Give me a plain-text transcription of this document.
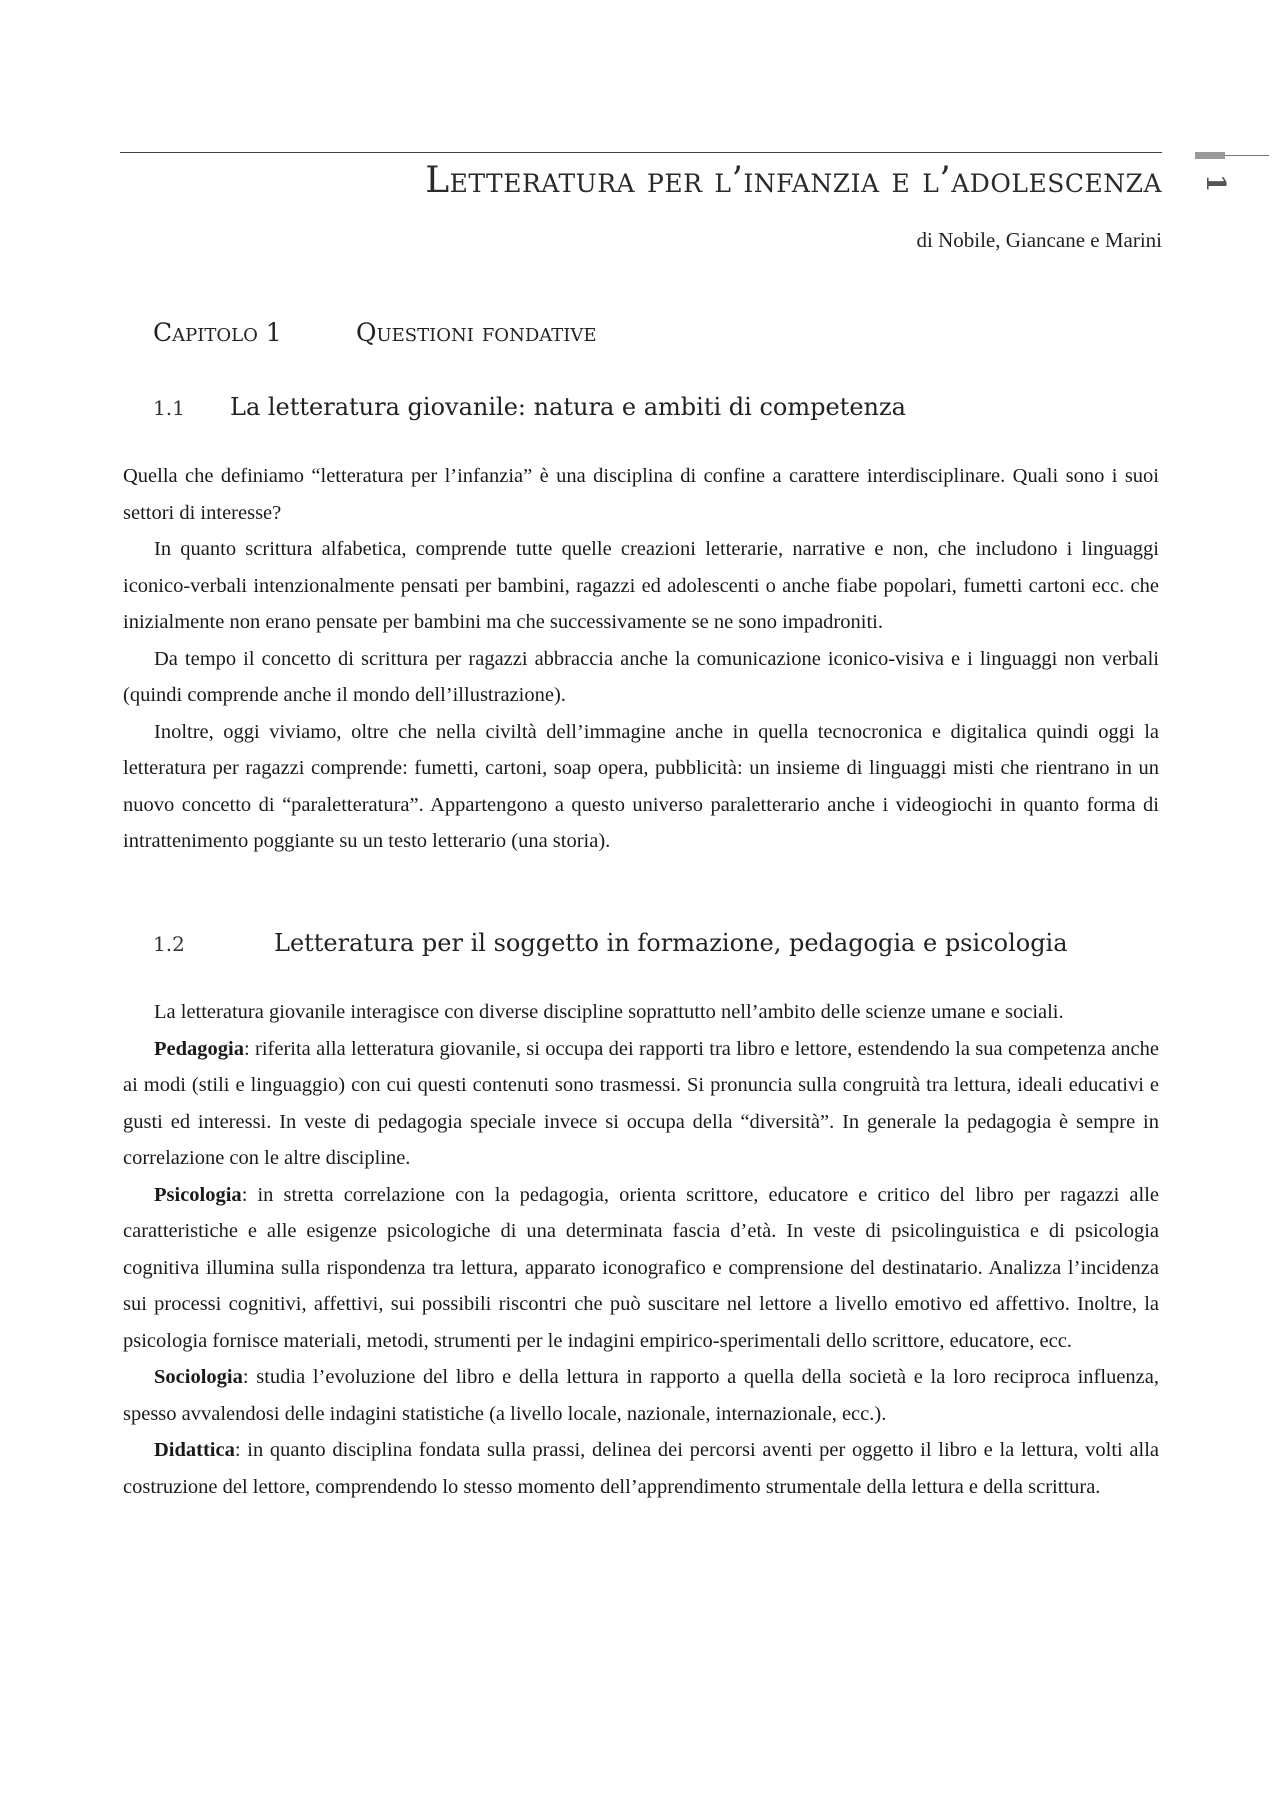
Letteratura per l’infanzia e l’adolescenza
di Nobile, Giancane e Marini
1
Capitolo 1	Questioni fondative
1.1 La letteratura giovanile: natura e ambiti di competenza

Quella che definiamo “letteratura per l’infanzia” è una disciplina di confine a carattere interdisciplinare. Quali sono i suoi settori di interesse?

In quanto scrittura alfabetica, comprende tutte quelle creazioni letterarie, narrative e non, che includono i linguaggi iconico-verbali intenzionalmente pensati per bambini, ragazzi ed adolescenti o anche fiabe popolari, fumetti cartoni ecc. che inizialmente non erano pensate per bambini ma che successivamente se ne sono impadroniti.

Da tempo il concetto di scrittura per ragazzi abbraccia anche la comunicazione iconico-visiva e i linguaggi non verbali (quindi comprende anche il mondo dell’illustrazione).

Inoltre, oggi viviamo, oltre che nella civiltà dell’immagine anche in quella tecnocronica e digitalica quindi oggi la letteratura per ragazzi comprende: fumetti, cartoni, soap opera, pubblicità: un insieme di linguaggi misti che rientrano in un nuovo concetto di “paraletteratura”. Appartengono a questo universo paraletterario anche i videogiochi in quanto forma di intrattenimento poggiante su un testo letterario (una storia).

1.2	Letteratura per il soggetto in formazione, pedagogia e psicologia

La letteratura giovanile interagisce con diverse discipline soprattutto nell’ambito delle scienze umane e sociali.

Pedagogia: riferita alla letteratura giovanile, si occupa dei rapporti tra libro e lettore, estendendo la sua competenza anche ai modi (stili e linguaggio) con cui questi contenuti sono trasmessi. Si pronuncia sulla congruità tra lettura, ideali educativi e gusti ed interessi. In veste di pedagogia speciale invece si occupa della “diversità”. In generale la pedagogia è sempre in correlazione con le altre discipline.

Psicologia: in stretta correlazione con la pedagogia, orienta scrittore, educatore e critico del libro per ragazzi alle caratteristiche e alle esigenze psicologiche di una determinata fascia d’età. In veste di psicolinguistica e di psicologia cognitiva illumina sulla rispondenza tra lettura, apparato iconografico e comprensione del destinatario. Analizza l’incidenza sui processi cognitivi, affettivi, sui possibili riscontri che può suscitare nel lettore a livello emotivo ed affettivo. Inoltre, la psicologia fornisce materiali, metodi, strumenti per le indagini empirico-sperimentali dello scrittore, educatore, ecc.

Sociologia: studia l’evoluzione del libro e della lettura in rapporto a quella della società e la loro reciproca influenza, spesso avvalendosi delle indagini statistiche (a livello locale, nazionale, internazionale, ecc.).

Didattica: in quanto disciplina fondata sulla prassi, delinea dei percorsi aventi per oggetto il libro e la lettura, volti alla costruzione del lettore, comprendendo lo stesso momento dell’apprendimento strumentale della lettura e della scrittura.
